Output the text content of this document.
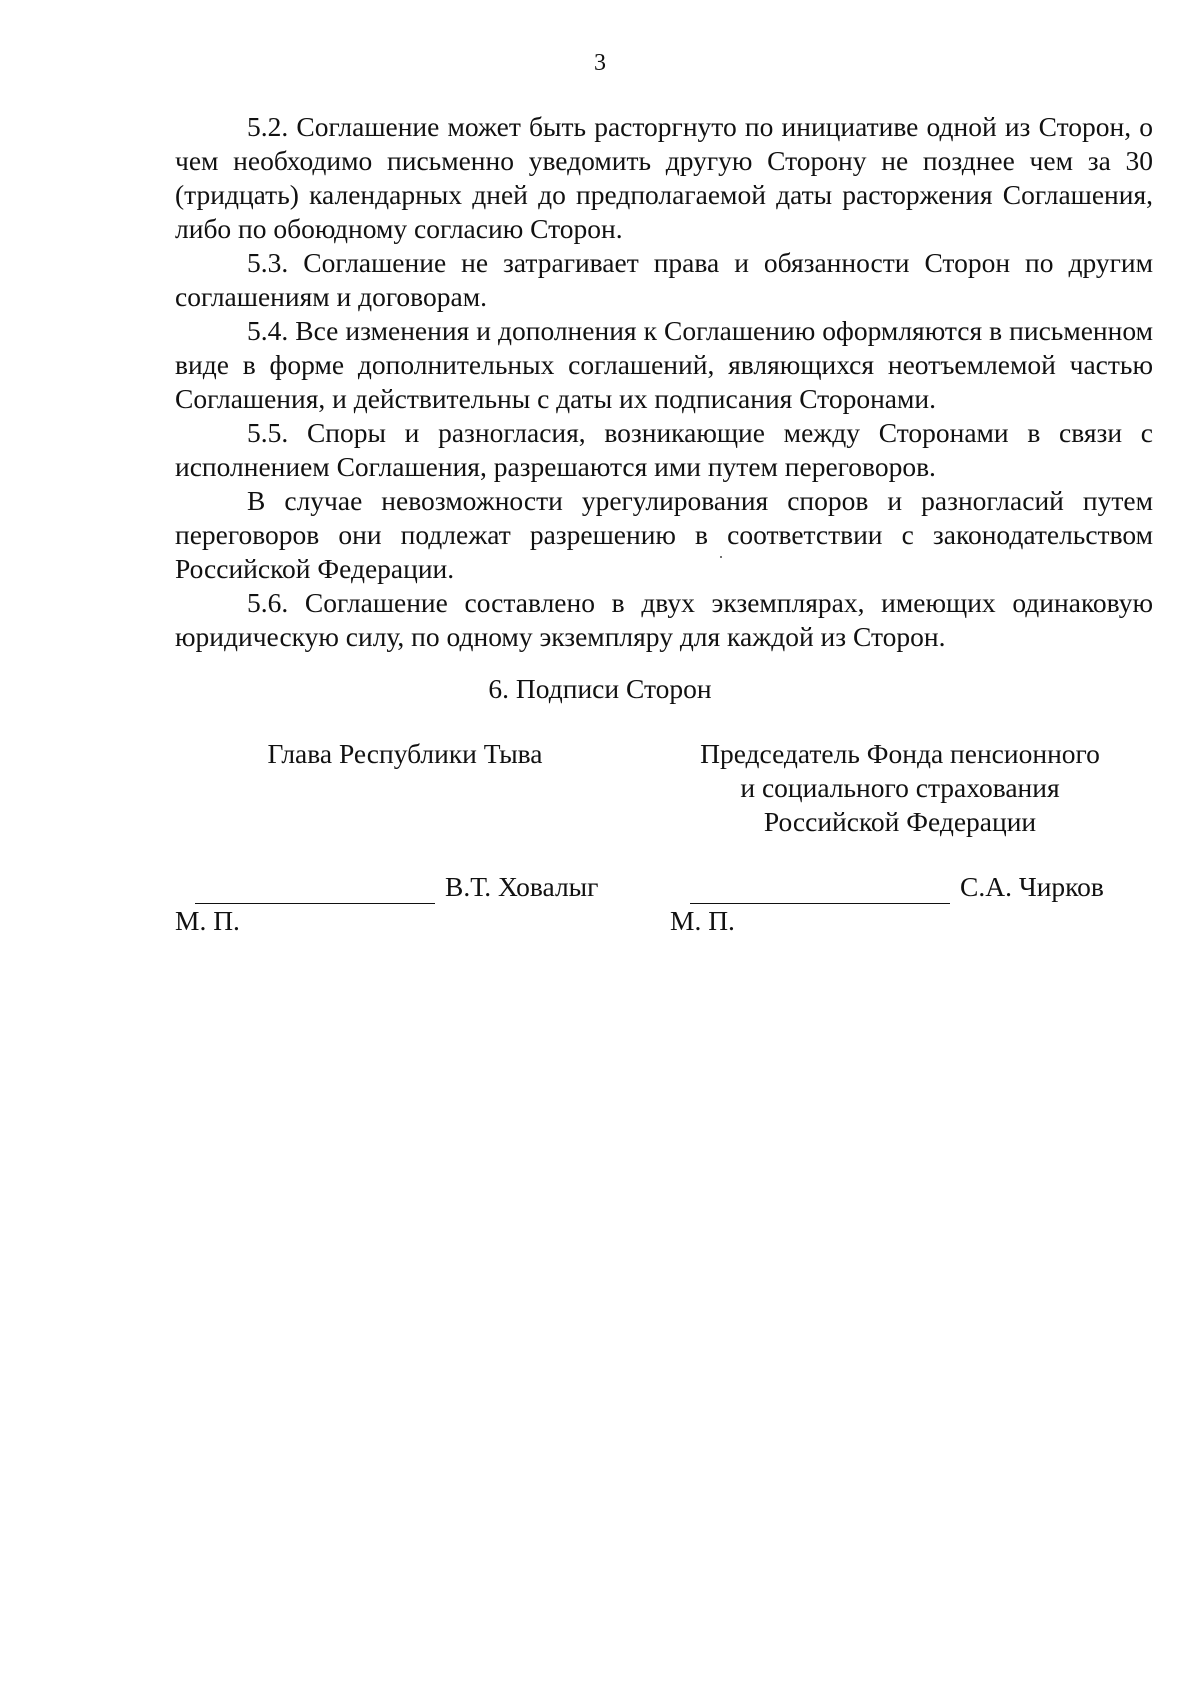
3

5.2. Соглашение может быть расторгнуто по инициативе одной из Сторон, о чем необходимо письменно уведомить другую Сторону не позднее чем за 30 (тридцать) календарных дней до предполагаемой даты расторжения Соглашения, либо по обоюдному согласию Сторон.

5.3. Соглашение не затрагивает права и обязанности Сторон по другим соглашениям и договорам.

5.4. Все изменения и дополнения к Соглашению оформляются в письменном виде в форме дополнительных соглашений, являющихся неотъемлемой частью Соглашения, и действительны с даты их подписания Сторонами.

5.5. Споры и разногласия, возникающие между Сторонами в связи с исполнением Соглашения, разрешаются ими путем переговоров.

В случае невозможности урегулирования споров и разногласий путем переговоров они подлежат разрешению в соответствии с законодательством Российской Федерации.

5.6. Соглашение составлено в двух экземплярах, имеющих одинаковую юридическую силу, по одному экземпляру для каждой из Сторон.

6. Подписи Сторон
Глава Республики Тыва	Председатель Фонда пенсионного
и социального страхования
Российской Федерации
В.Т. Ховалыг	С.А. Чирков
М. П.	М. П.
